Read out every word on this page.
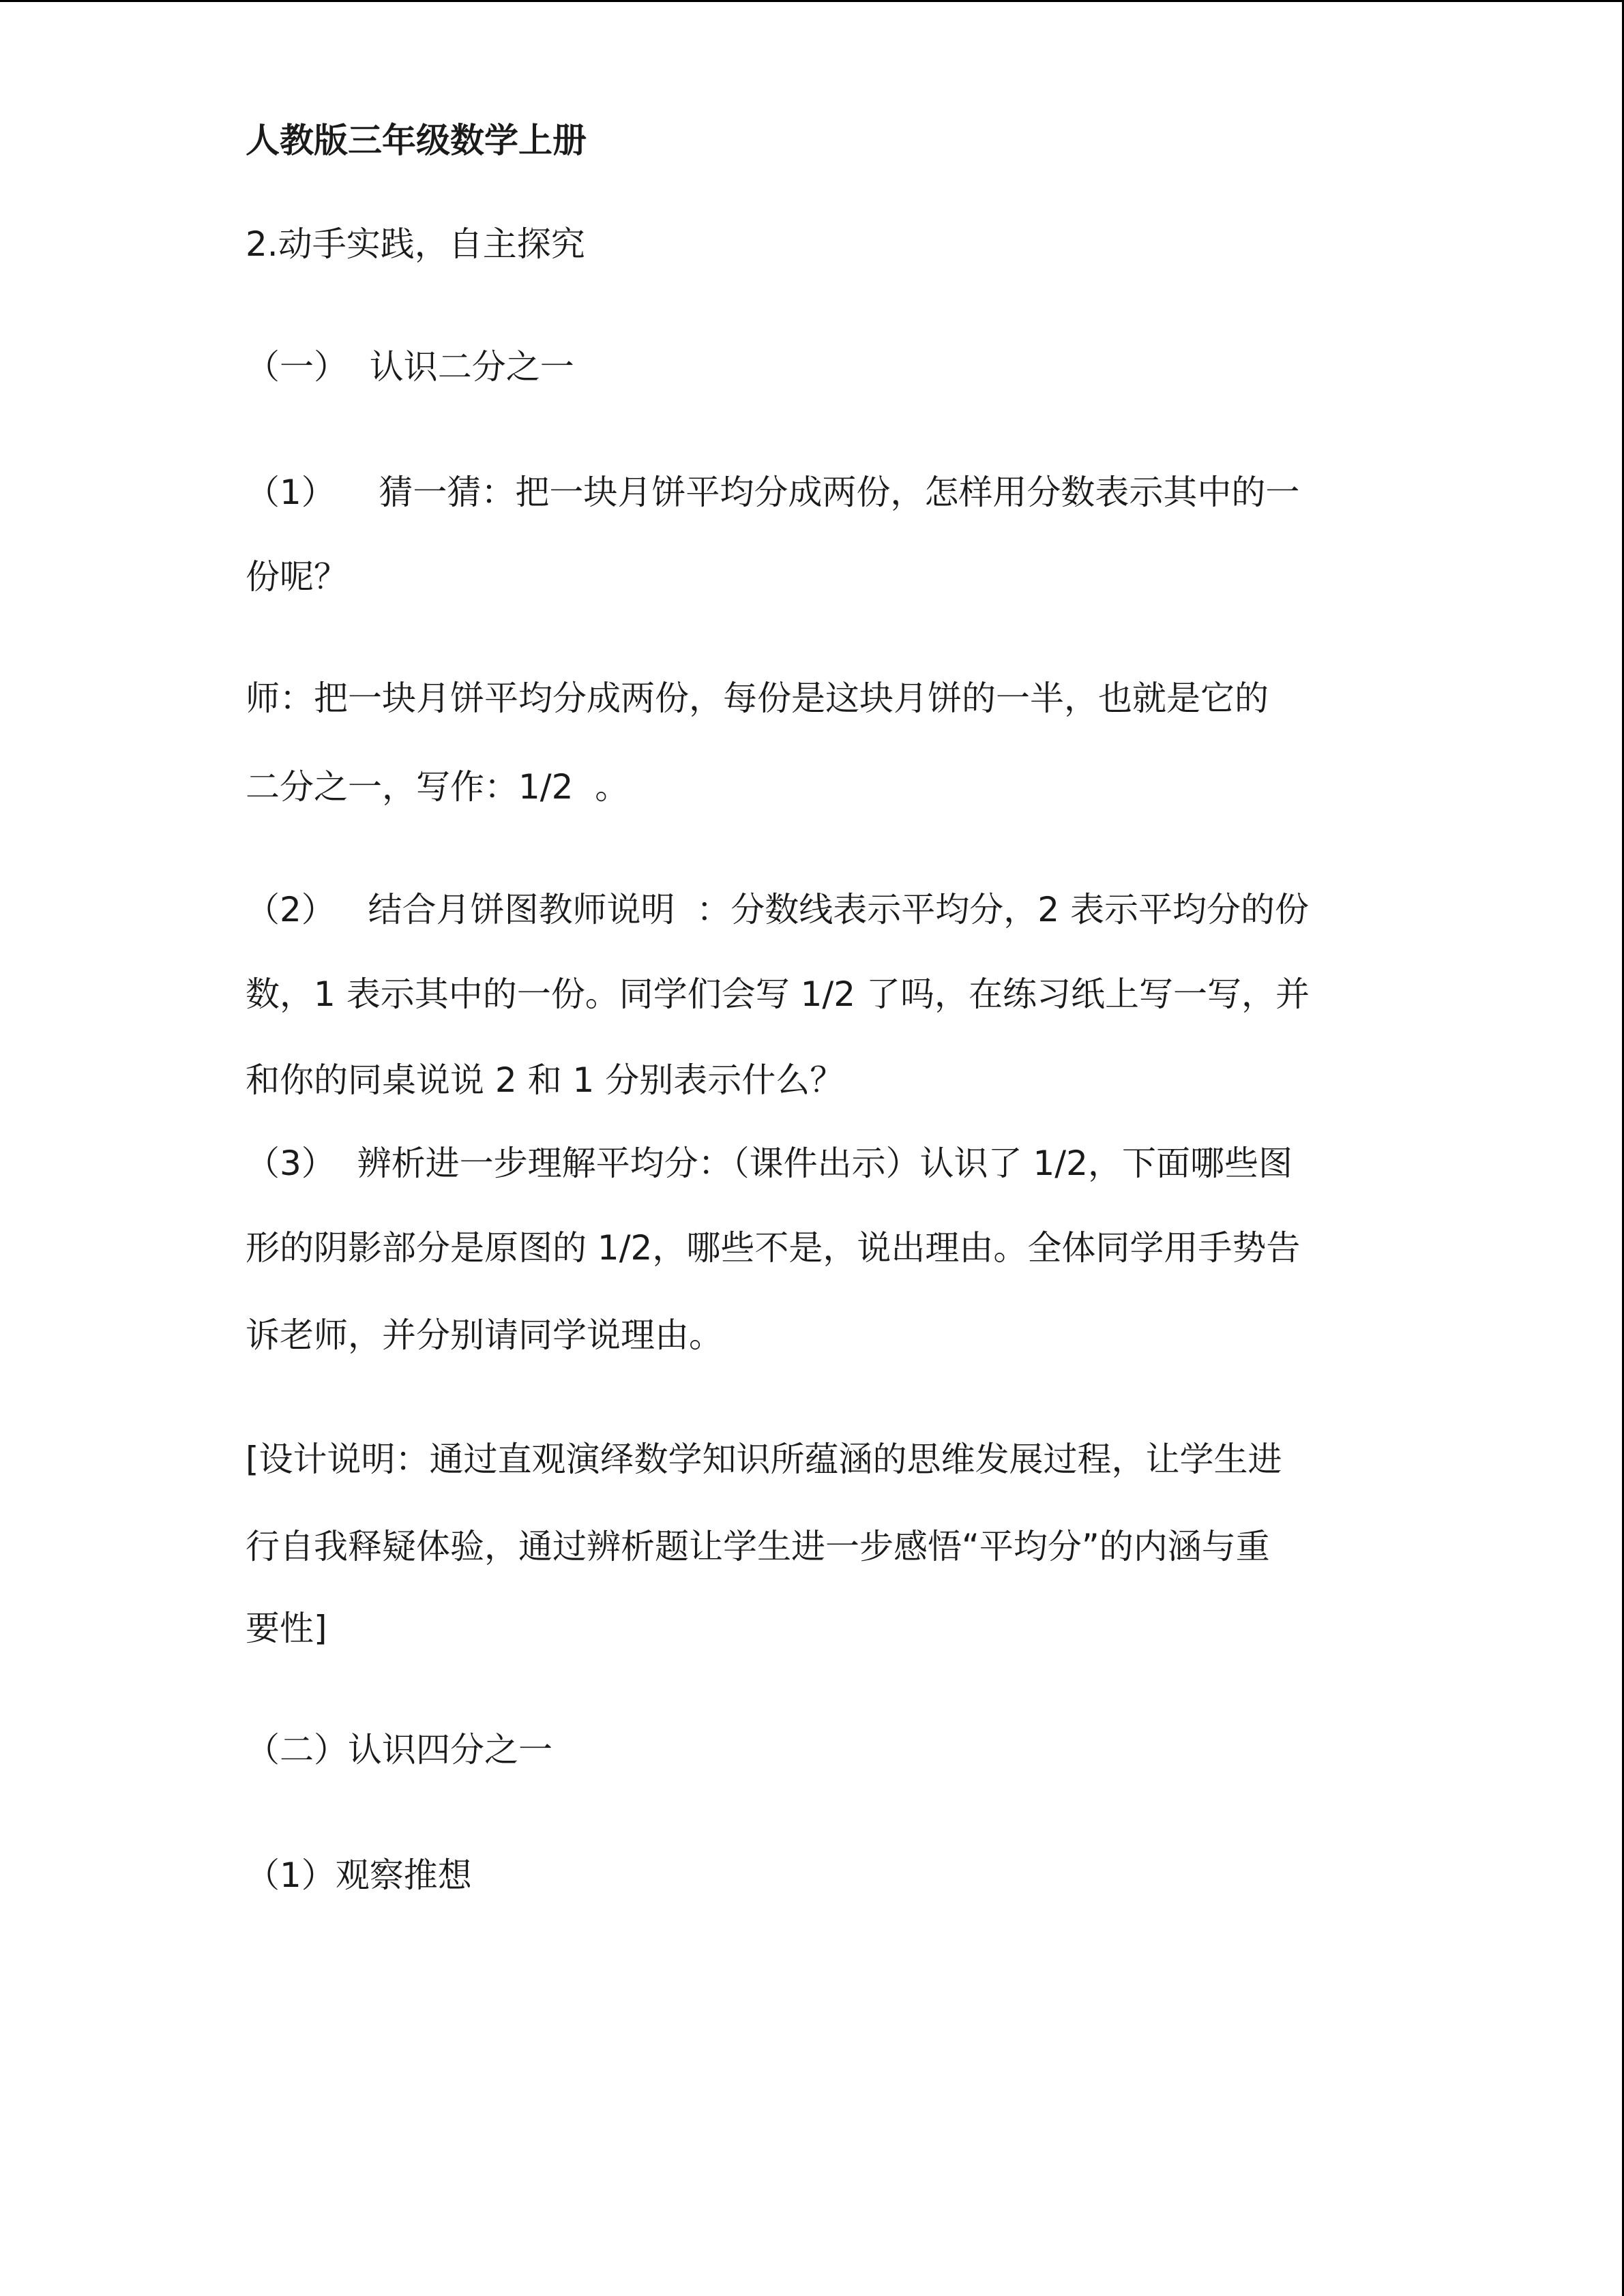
人教版三年级数学上册
2.动手实践，自主探究
（一）  认识二分之一
（1）    猜一猜：把一块月饼平均分成两份，怎样用分数表示其中的一
份呢？
师：把一块月饼平均分成两份，每份是这块月饼的一半，也就是它的
二分之一，写作：1/2  。
（2）   结合月饼图教师说明  ：分数线表示平均分，2 表示平均分的份
数，1 表示其中的一份。同学们会写 1/2 了吗，在练习纸上写一写，并
和你的同桌说说 2 和 1 分别表示什么？
（3）  辨析进一步理解平均分：（课件出示）认识了 1/2，下面哪些图
形的阴影部分是原图的 1/2，哪些不是，说出理由。全体同学用手势告
诉老师，并分别请同学说理由。
[设计说明：通过直观演绎数学知识所蕴涵的思维发展过程，让学生进
行自我释疑体验，通过辨析题让学生进一步感悟“平均分”的内涵与重
要性]
（二）认识四分之一
（1）观察推想
